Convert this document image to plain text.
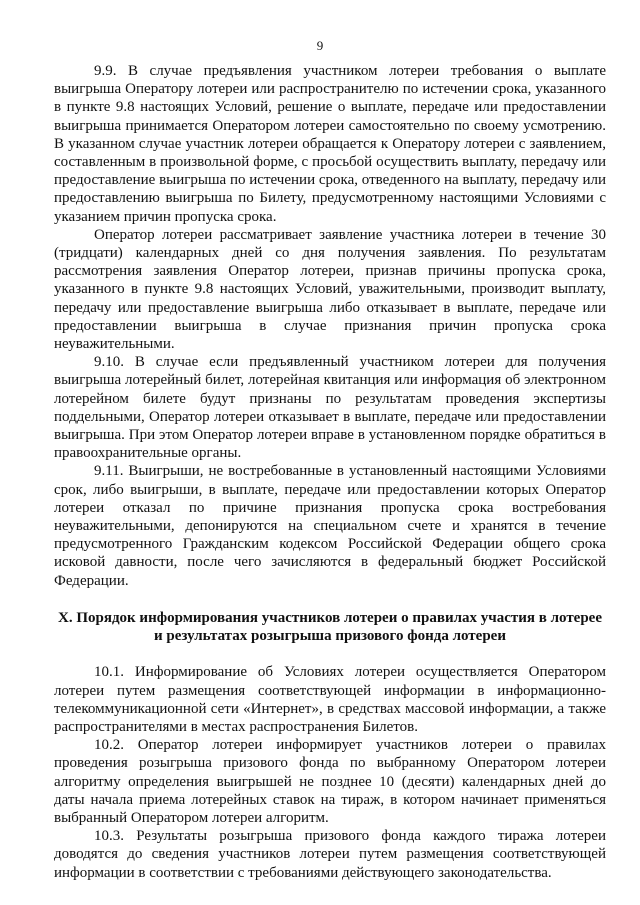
9

9.9. В случае предъявления участником лотереи требования о выплате выигрыша Оператору лотереи или распространителю по истечении срока, указанного в пункте 9.8 настоящих Условий, решение о выплате, передаче или предоставлении выигрыша принимается Оператором лотереи самостоятельно по своему усмотрению. В указанном случае участник лотереи обращается к Оператору лотереи с заявлением, составленным в произвольной форме, с просьбой осуществить выплату, передачу или предоставление выигрыша по истечении срока, отведенного на выплату, передачу или предоставлению выигрыша по Билету, предусмотренному настоящими Условиями с указанием причин пропуска срока.

Оператор лотереи рассматривает заявление участника лотереи в течение 30 (тридцати) календарных дней со дня получения заявления. По результатам рассмотрения заявления Оператор лотереи, признав причины пропуска срока, указанного в пункте 9.8 настоящих Условий, уважительными, производит выплату, передачу или предоставление выигрыша либо отказывает в выплате, передаче или предоставлении выигрыша в случае признания причин пропуска срока неуважительными.

9.10. В случае если предъявленный участником лотереи для получения выигрыша лотерейный билет, лотерейная квитанция или информация об электронном лотерейном билете будут признаны по результатам проведения экспертизы поддельными, Оператор лотереи отказывает в выплате, передаче или предоставлении выигрыша. При этом Оператор лотереи вправе в установленном порядке обратиться в правоохранительные органы.

9.11. Выигрыши, не востребованные в установленный настоящими Условиями срок, либо выигрыши, в выплате, передаче или предоставлении которых Оператор лотереи отказал по причине признания пропуска срока востребования неуважительными, депонируются на специальном счете и хранятся в течение предусмотренного Гражданским кодексом Российской Федерации общего срока исковой давности, после чего зачисляются в федеральный бюджет Российской Федерации.

X. Порядок информирования участников лотереи о правилах участия в лотерее
и результатах розыгрыша призового фонда лотереи

10.1. Информирование об Условиях лотереи осуществляется Оператором лотереи путем размещения соответствующей информации в информационно-телекоммуникационной сети «Интернет», в средствах массовой информации, а также распространителями в местах распространения Билетов.

10.2. Оператор лотереи информирует участников лотереи о правилах проведения розыгрыша призового фонда по выбранному Оператором лотереи алгоритму определения выигрышей не позднее 10 (десяти) календарных дней до даты начала приема лотерейных ставок на тираж, в котором начинает применяться выбранный Оператором лотереи алгоритм.

10.3. Результаты розыгрыша призового фонда каждого тиража лотереи доводятся до сведения участников лотереи путем размещения соответствующей информации в соответствии с требованиями действующего законодательства.
